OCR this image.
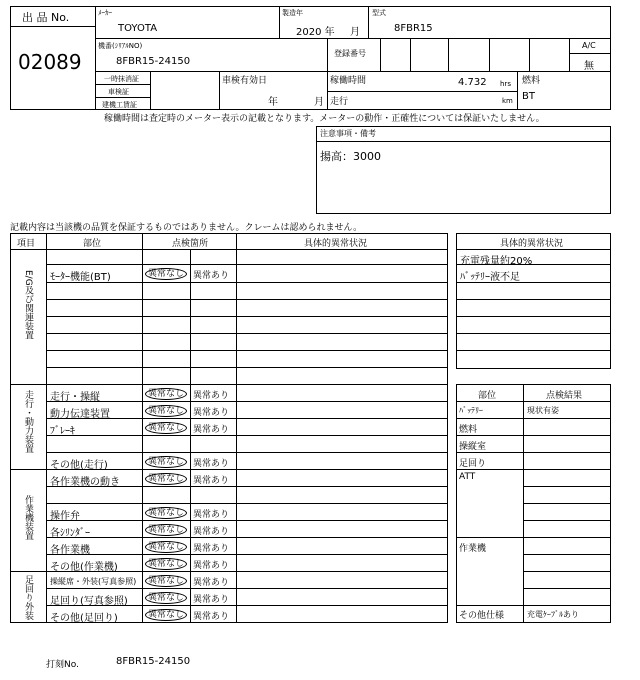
出 品 No.
02089
ﾒｰｶｰ
TOYOTA
製造年
2020 年 月
型式
8FBR15
機番(ｼﾘｱﾙNO)
8FBR15-24150
登録番号
A/C
無
一時抹消証
車検証
建機工賃証
車検有効日
年	月
稼働時間	4.732 hrs
走行	km
燃料
BT
稼働時間は査定時のメーター表示の記載となります。メーターの動作・正確性については保証いたしません。
注意事項・備考
揚高：3000
記載内容は当該機の品質を保証するものではありません。クレームは認められません。
項目	部位	点検箇所	具体的異常状況
E/G及び関連装置
走行・動力装置
作業機装置
足回り外装
ﾓｰﾀｰ機能(BT)	異常なし	異常あり
走行・操縦	異常なし	異常あり
動力伝達装置	異常なし	異常あり
ﾌﾞﾚｰｷ	異常なし	異常あり
その他(走行)	異常なし	異常あり
各作業機の動き	異常なし	異常あり
操作弁	異常なし	異常あり
各ｼﾘﾝﾀﾞｰ	異常なし	異常あり
各作業機	異常なし	異常あり
その他(作業機)	異常なし	異常あり
操縦席・外装(写真参照)	異常なし	異常あり
足回り(写真参照)	異常なし	異常あり
その他(足回り)	異常なし	異常あり
具体的異常状況
充電残量約20%
ﾊﾞｯﾃﾘｰ液不足
部位	点検結果
ﾊﾞｯﾃﾘｰ	現状有姿
燃料
操縦室
足回り
ATT
作業機
その他仕様	充電ｹｰﾌﾞﾙあり
打刻No.	8FBR15-24150
